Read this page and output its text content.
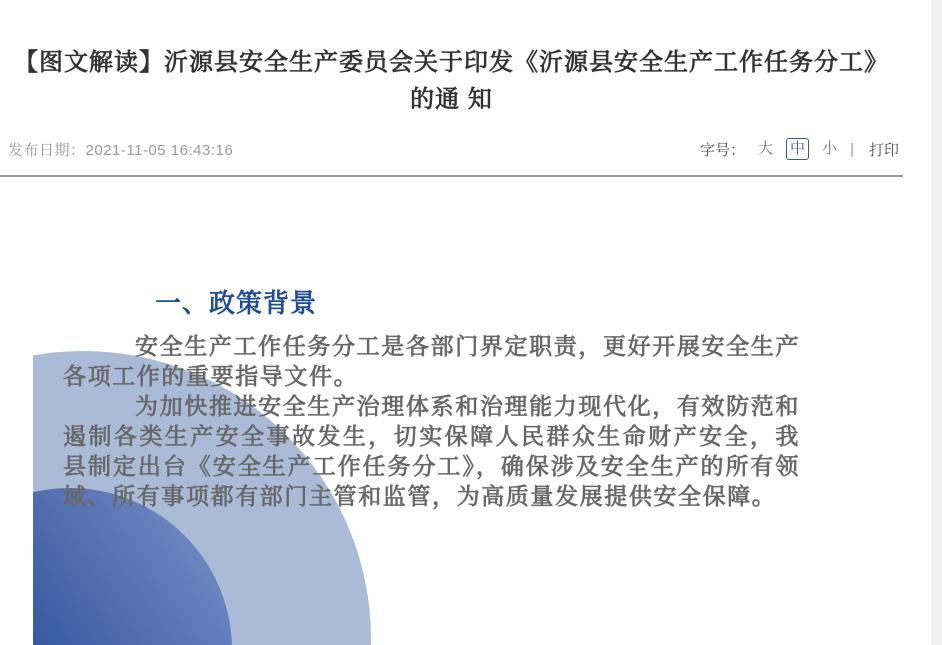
【图文解读】沂源县安全生产委员会关于印发《沂源县安全生产工作任务分工》
的通 知
发布日期：2021-11-05 16:43:16	字号： 大 中 小 | 打印
一、政策背景

安全生产工作任务分工是各部门界定职责，更好开展安全生产各项工作的重要指导文件。

为加快推进安全生产治理体系和治理能力现代化，有效防范和遏制各类生产安全事故发生，切实保障人民群众生命财产安全，我县制定出台《安全生产工作任务分工》，确保涉及安全生产的所有领域、所有事项都有部门主管和监管，为高质量发展提供安全保障。
